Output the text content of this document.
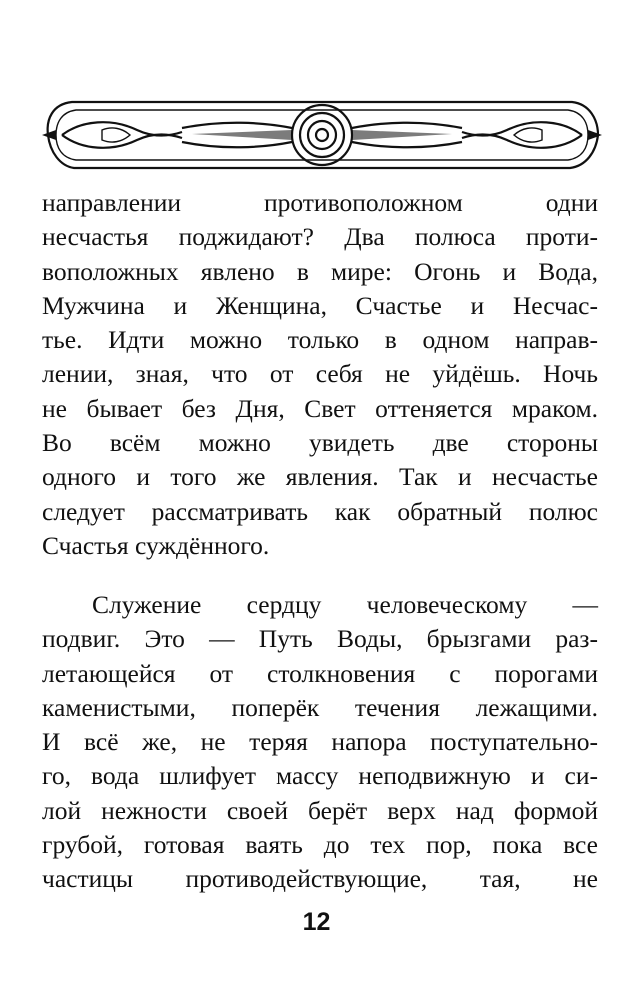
направлении противоположном одни
несчастья поджидают? Два полюса проти-
воположных явлено в мире: Огонь и Вода,
Мужчина и Женщина, Счастье и Несчас-
тье. Идти можно только в одном направ-
лении, зная, что от себя не уйдёшь. Ночь
не бывает без Дня, Свет оттеняется мраком.
Во всём можно увидеть две стороны
одного и того же явления. Так и несчастье
следует рассматривать как обратный полюс
Счастья суждённого.
Служение сердцу человеческому —
подвиг. Это — Путь Воды, брызгами раз-
летающейся от столкновения с порогами
каменистыми, поперёк течения лежащими.
И всё же, не теряя напора поступательно-
го, вода шлифует массу неподвижную и си-
лой нежности своей берёт верх над формой
грубой, готовая ваять до тех пор, пока все
частицы противодействующие, тая, не
12
